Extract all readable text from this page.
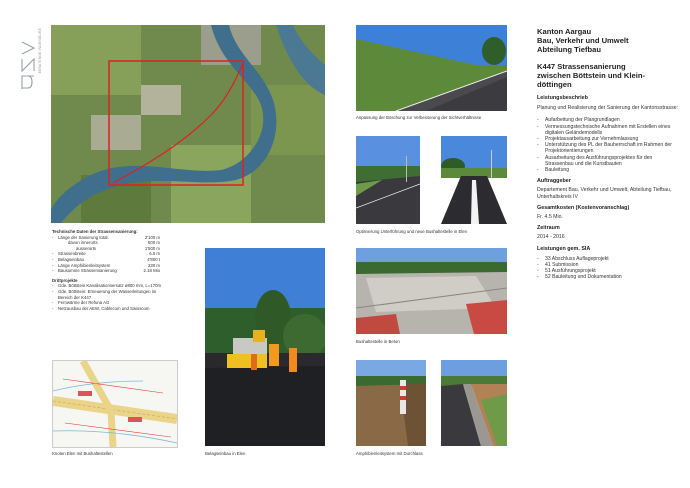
BERATENDE INGENIEURE
Technische Daten der Strassensanierung:
- Länge der Sanierung total:	2'100 m
davon innerorts	600 m
ausserorts	1'500 m
- Strassenbreite	6.5 m
- Belagseinbau	4'800 t
- Länge Amphibienleitsystem	230 m
- Bausumme Strassensanierung	2.18 Mio
Drittprojekte
- Gde. Böttstein Kanalisationsersatz ø800 mm, L=170m
- Gde. Böttstein: Erneuerung der Wasserleitungen im Bereich der K447
- Fernwärme der Refuna AG
- Netzausbau der AEW, Cablecom und Swisscom
Knoten Elen mit Bushaltestellen	Belagseinbau in Elen
Anpassung der Böschung zur Verbesserung der Sichtverhältnisse
Optimierung Unterführung und neue Bushaltestelle in Elen
Bushaltestelle in Beton
Amphibienleitsystem mit Durchlass
Kanton Aargau
Bau, Verkehr und Umwelt
Abteilung Tiefbau
K447 Strassensanierung
zwischen Böttstein und Klein-
döttingen
Leistungsbeschrieb
Planung und Realisierung der Sanierung der Kantonsstrasse:
- Aufarbeitung der Plangrundlagen
- Vermessungstechnische Aufnahmen mit Erstellen eines digitalen Geländemodells
- Projektausarbeitung zur Vernehmlassung
- Unterstützung des PL der Bauherrschaft im Rahmen der Projektorientierungen
- Ausarbeitung des Ausführungsprojektes für den Strassenbau und die Kunstbauten
- Bauleitung
Auftraggeber
Departement Bau, Verkehr und Umwelt, Abteilung Tiefbau, Unterhaltskreis IV
Gesamtkosten (Kostenvoranschlag)
Fr. 4.5 Mio.
Zeitraum
2014 - 2016
Leistungen gem. SIA
- 33 Abschluss Auflageprojekt
- 41 Submission
- 51 Ausführungsprojekt
- 52 Bauleitung und Dokumentation
